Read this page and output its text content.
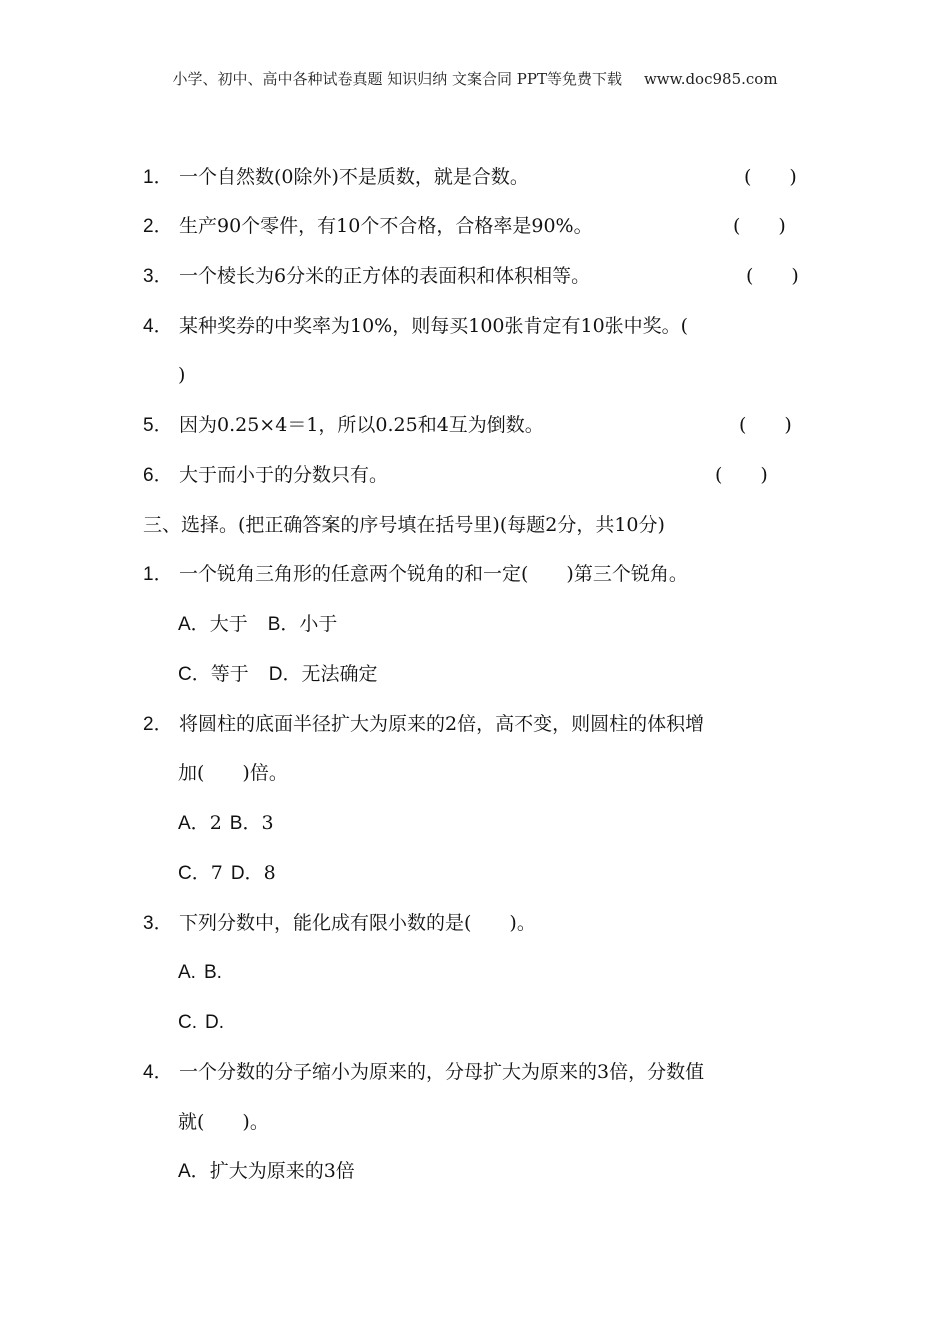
小学、初中、高中各种试卷真题 知识归纳 文案合同 PPT等免费下载 www.doc985.com
1． 一个自然数(0除外)不是质数，就是合数。	(　　)
2． 生产90个零件，有10个不合格，合格率是90%。	(　　)
3． 一个棱长为6分米的正方体的表面积和体积相等。	(　　)
4． 某种奖券的中奖率为10%，则每买100张肯定有10张中奖。(
)
5． 因为0.25×4＝1，所以0.25和4互为倒数。	(　　)
6． 大于而小于的分数只有。	(　　)
三、选择。(把正确答案的序号填在括号里)(每题2分，共10分)
1． 一个锐角三角形的任意两个锐角的和一定(　　)第三个锐角。
A．大于 B．小于
C．等于 D．无法确定
2． 将圆柱的底面半径扩大为原来的2倍，高不变，则圆柱的体积增
加(　　)倍。
A．2 B．3
C．7 D．8
3． 下列分数中，能化成有限小数的是(　　)。
A. B.
C. D.
4． 一个分数的分子缩小为原来的，分母扩大为原来的3倍，分数值
就(　　)。
A．扩大为原来的3倍
